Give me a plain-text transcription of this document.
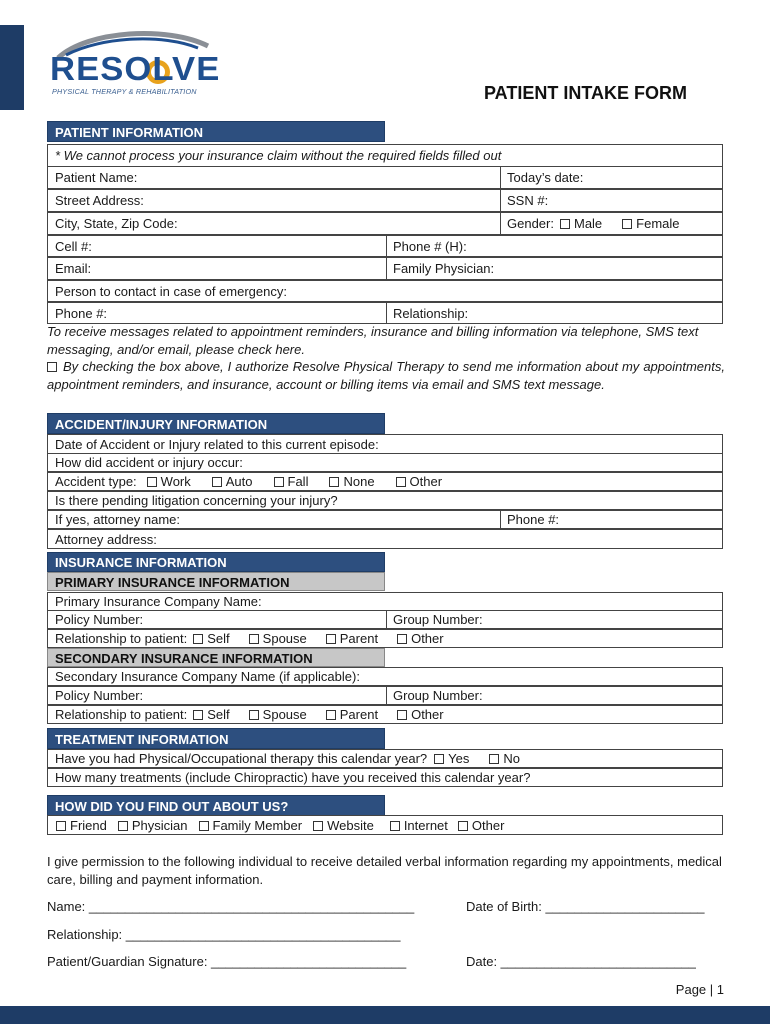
RESOLVE
PHYSICAL THERAPY & REHABILITATION	PATIENT INTAKE FORM
PATIENT INFORMATION
* We cannot process your insurance claim without the required fields filled out
Patient Name:	Today’s date:
Street Address:	SSN #:
City, State, Zip Code:	Gender:	Male	Female
Cell #:	Phone # (H):
Email:	Family Physician:
Person to contact in case of emergency:
Phone #:	Relationship:
To receive messages related to appointment reminders, insurance and billing information via telephone, SMS text messaging, and/or email, please check here.
By checking the box above, I authorize Resolve Physical Therapy to send me information about my appointments, appointment reminders, and insurance, account or billing items via email and SMS text message.
ACCIDENT/INJURY INFORMATION
Date of Accident or Injury related to this current episode:
How did accident or injury occur:
Accident type:	Work	Auto	Fall	None	Other
Is there pending litigation concerning your injury?
If yes, attorney name:	Phone #:
Attorney address:
INSURANCE INFORMATION
PRIMARY INSURANCE INFORMATION
Primary Insurance Company Name:
Policy Number:	Group Number:
Relationship to patient:	Self	Spouse	Parent	Other
SECONDARY INSURANCE INFORMATION
Secondary Insurance Company Name (if applicable):
Policy Number:	Group Number:
Relationship to patient:	Self	Spouse	Parent	Other
TREATMENT INFORMATION
Have you had Physical/Occupational therapy this calendar year?	Yes	No
How many treatments (include Chiropractic) have you received this calendar year?
HOW DID YOU FIND OUT ABOUT US?
Friend	Physician	Family Member	Website	Internet	Other
I give permission to the following individual to receive detailed verbal information regarding my appointments, medical care, billing and payment information.
Name: _____________________________________________	Date of Birth: ______________________
Relationship: ______________________________________
Patient/Guardian Signature: ___________________________	Date: ___________________________
Page | 1
